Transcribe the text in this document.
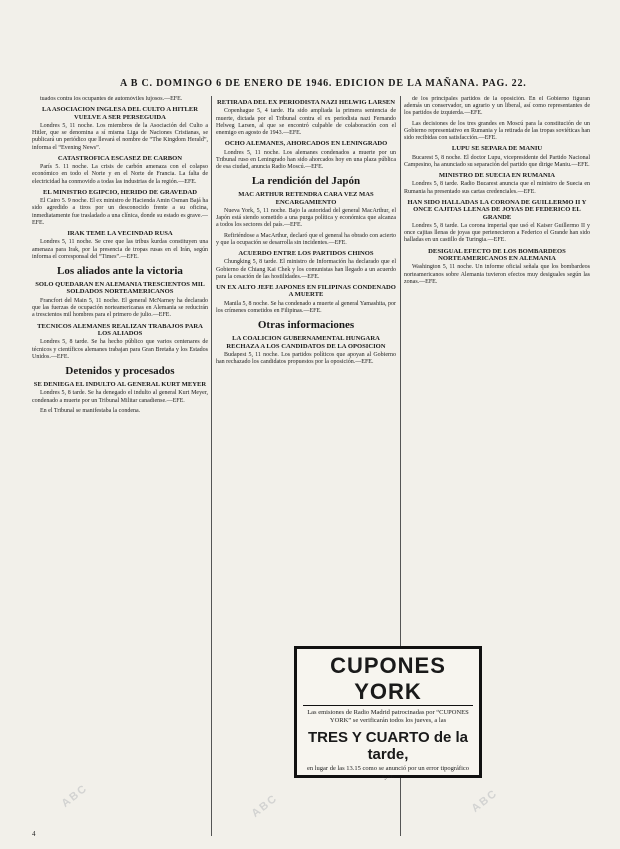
A B C. DOMINGO 6 DE ENERO DE 1946. EDICION DE LA MAÑANA. PAG. 22.
tuados contra los ocupantes de automóviles lujosos.—EFE.
LA ASOCIACION INGLESA DEL CULTO A HITLER VUELVE A SER PERSEGUIDA
Londres 5, 11 noche. Los miembros de la Asociación del Culto a Hitler, que se denomina a sí misma Liga de Naciones Cristianas, se publicará un periódico que llevará el nombre de “The Kingdom Herald”, informa el “Evening News”.
CATASTROFICA ESCASEZ DE CARBON
París 5. 11 noche. La crisis de carbón amenaza con el colapso económico en todo el Norte y en el Norte de Francia. La falta de electricidad ha conmovido a todas las industrias de la región.—EFE.
EL MINISTRO EGIPCIO, HERIDO DE GRAVEDAD
El Cairo 5. 9 noche. El ex ministro de Hacienda Amin Osman Bajá ha sido agredido a tiros por un desconocido frente a su oficina, inmediatamente fue trasladado a una clínica, donde su estado es grave.—EFE.
IRAK TEME LA VECINDAD RUSA
Londres 5, 11 noche. Se cree que las tribus kurdas constituyen una amenaza para Irak, por la presencia de tropas rusas en el Irán, según informa el corresponsal del “Times”.—EFE.
Los aliados ante la victoria
SOLO QUEDARAN EN ALEMANIA TRESCIENTOS MIL SOLDADOS NORTEAMERICANOS
Francfort del Main 5, 11 noche. El general McNarney ha declarado que las fuerzas de ocupación norteamericanas en Alemania se reducirán a trescientos mil hombres para el primero de julio.—EFE.
TECNICOS ALEMANES REALIZAN TRABAJOS PARA LOS ALIADOS
Londres 5, 8 tarde. Se ha hecho público que varios centenares de técnicos y científicos alemanes trabajan para Gran Bretaña y los Estados Unidos.—EFE.
Detenidos y procesados
SE DENIEGA EL INDULTO AL GENERAL KURT MEYER
Londres 5, 8 tarde. Se ha denegado el indulto al general Kurt Meyer, condenado a muerte por un Tribunal Militar canadiense.—EFE.
En el Tribunal se manifestaba la condena.
RETIRADA DEL EX PERIODISTA NAZI HELWIG LARSEN
Copenhague 5, 4 tarde. Ha sido ampliada la primera sentencia de muerte, dictada por el Tribunal contra el ex periodista nazi Fernando Helweg Larsen, al que se encontró culpable de colaboración con el enemigo en agosto de 1943.—EFE.
OCHO ALEMANES, AHORCADOS EN LENINGRADO
Londres 5, 11 noche. Los alemanes condenados a muerte por un Tribunal ruso en Leningrado han sido ahorcados hoy en una plaza pública de esa ciudad, anuncia Radio Moscú.—EFE.
La rendición del Japón
MAC ARTHUR RETENDRA CARA VEZ MAS ENCARGAMIENTO
Nueva York, 5, 11 noche. Bajo la autoridad del general MacArthur, el Japón está siendo sometido a una purga política y económica que alcanza a todos los sectores del país.—EFE.
Refiriéndose a MacArthur, declaró que el general ha obrado con acierto y que la ocupación se desarrolla sin incidentes.—EFE.
ACUERDO ENTRE LOS PARTIDOS CHINOS
Chungking 5, 8 tarde. El ministro de Información ha declarado que el Gobierno de Chiang Kai Chek y los comunistas han llegado a un acuerdo para la cesación de las hostilidades.—EFE.
UN EX ALTO JEFE JAPONES EN FILIPINAS CONDENADO A MUERTE
Manila 5, 8 noche. Se ha condenado a muerte al general Yamashita, por los crímenes cometidos en Filipinas.—EFE.
Otras informaciones
LA COALICION GUBERNAMENTAL HUNGARA RECHAZA A LOS CANDIDATOS DE LA OPOSICION
Budapest 5, 11 noche. Los partidos políticos que apoyan al Gobierno han rechazado los candidatos propuestos por la oposición.—EFE.
de los principales partidos de la oposición. En el Gobierno figuran además un conservador, un agrario y un liberal, así como representantes de los partidos de izquierda.—EFE.
Las decisiones de los tres grandes en Moscú para la constitución de un Gobierno representativo en Rumania y la retirada de las tropas soviéticas han sido recibidas con satisfacción.—EFE.
LUPU SE SEPARA DE MANIU
Bucarest 5, 8 noche. El doctor Lupu, vicepresidente del Partido Nacional Campesino, ha anunciado su separación del partido que dirige Maniu.—EFE.
MINISTRO DE SUECIA EN RUMANIA
Londres 5, 8 tarde. Radio Bucarest anuncia que el ministro de Suecia en Rumania ha presentado sus cartas credenciales.—EFE.
HAN SIDO HALLADAS LA CORONA DE GUILLERMO II Y ONCE CAJITAS LLENAS DE JOYAS DE FEDERICO EL GRANDE
Londres 5, 8 tarde. La corona imperial que usó el Kaiser Guillermo II y once cajitas llenas de joyas que pertenecieron a Federico el Grande han sido halladas en un castillo de Turingia.—EFE.
DESIGUAL EFECTO DE LOS BOMBARDEOS NORTEAMERICANOS EN ALEMANIA
Washington 5, 11 noche. Un informe oficial señala que los bombardeos norteamericanos sobre Alemania tuvieron efectos muy desiguales según las zonas.—EFE.
CUPONES YORK
Las emisiones de Radio Madrid patrocinadas por “CUPONES YORK” se verificarán todos los jueves, a las
TRES Y CUARTO de la tarde,
en lugar de las 13.15 como se anunció por un error tipográfico ayer.
ABC	ABC	ABC
4
